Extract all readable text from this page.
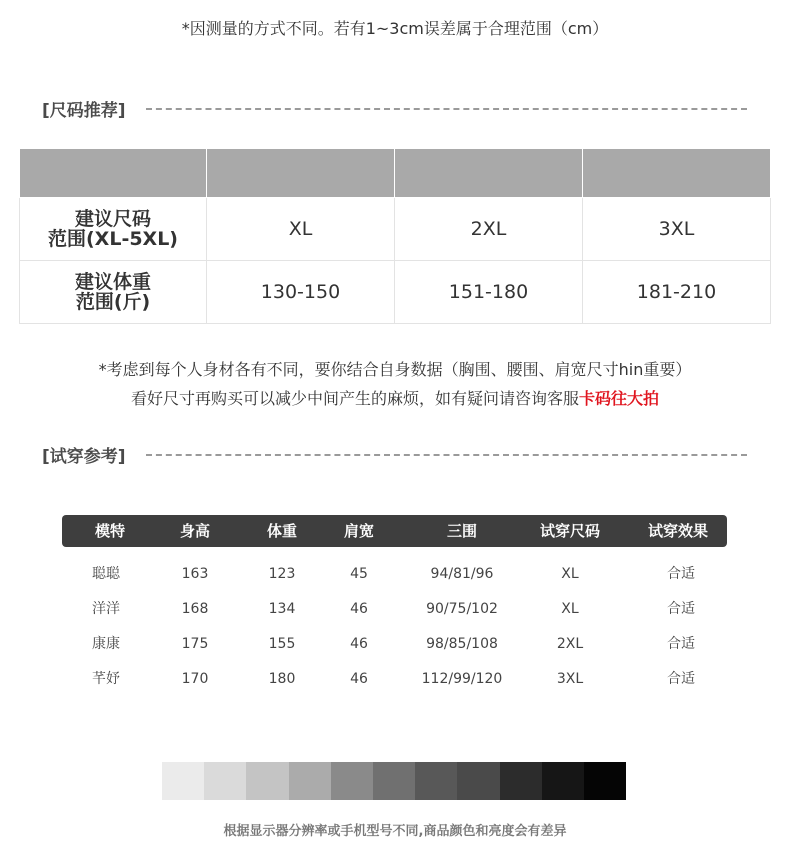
*因测量的方式不同。若有1~3cm误差属于合理范围（cm）
[尺码推荐]

建议尺码
范围(XL-5XL)	XL	2XL	3XL

建议体重
范围(斤)	130-150	151-180	181-210
*考虑到每个人身材各有不同，要你结合自身数据（胸围、腰围、肩宽尺寸hin重要）
看好尺寸再购买可以减少中间产生的麻烦，如有疑问请咨询客服卡码往大拍
[试穿参考]
模特	身高	体重	肩宽	三围	试穿尺码	试穿效果
聪聪	163	123	45	94/81/96	XL	合适
洋洋	168	134	46	90/75/102	XL	合适
康康	175	155	46	98/85/108	2XL	合适
芊妤	170	180	46	112/99/120	3XL	合适
根据显示器分辨率或手机型号不同,商品颜色和亮度会有差异
